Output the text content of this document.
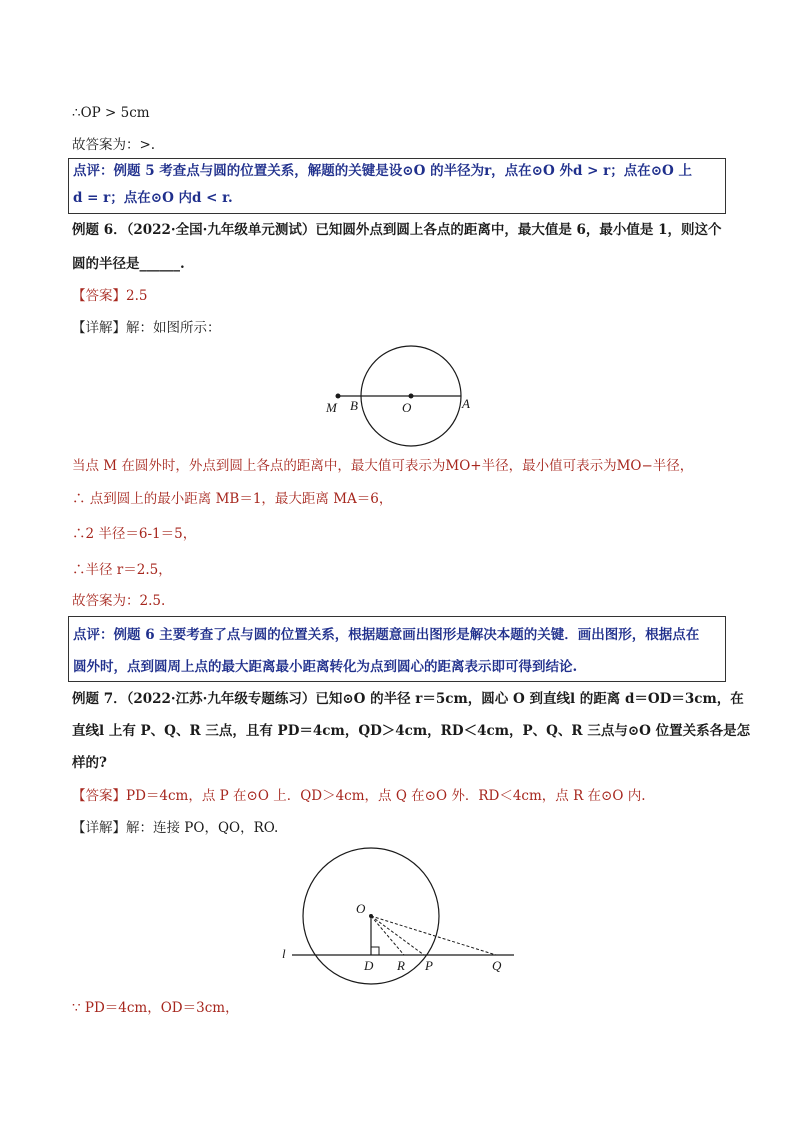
∴OP > 5cm
故答案为：>.
点评：例题 5 考查点与圆的位置关系，解题的关键是设⊙O 的半径为r，点在⊙O 外d > r；点在⊙O 上
d = r；点在⊙O 内d < r.
例题 6．（2022·全国·九年级单元测试）已知圆外点到圆上各点的距离中，最大值是 6，最小值是 1，则这个
圆的半径是______.
【答案】2.5
【详解】解：如图所示：
M B	O	A
当点 M 在圆外时，外点到圆上各点的距离中，最大值可表示为MO+半径，最小值可表示为MO−半径，
∴ 点到圆上的最小距离 MB＝1，最大距离 MA＝6，
∴2 半径＝6-1＝5，
∴半径 r＝2.5，
故答案为：2.5.
点评：例题 6 主要考查了点与圆的位置关系，根据题意画出图形是解决本题的关键．画出图形，根据点在
圆外时，点到圆周上点的最大距离最小距离转化为点到圆心的距离表示即可得到结论.
例题 7．（2022·江苏·九年级专题练习）已知⊙O 的半径 r＝5cm，圆心 O 到直线l 的距离 d＝OD＝3cm，在
直线l 上有 P、Q、R 三点，且有 PD＝4cm，QD＞4cm，RD＜4cm，P、Q、R 三点与⊙O 位置关系各是怎
样的?
【答案】PD＝4cm，点 P 在⊙O 上．QD＞4cm，点 Q 在⊙O 外．RD＜4cm，点 R 在⊙O 内.
【详解】解：连接 PO，QO，RO.
l
O
D R P	Q
∵ PD＝4cm，OD＝3cm，
